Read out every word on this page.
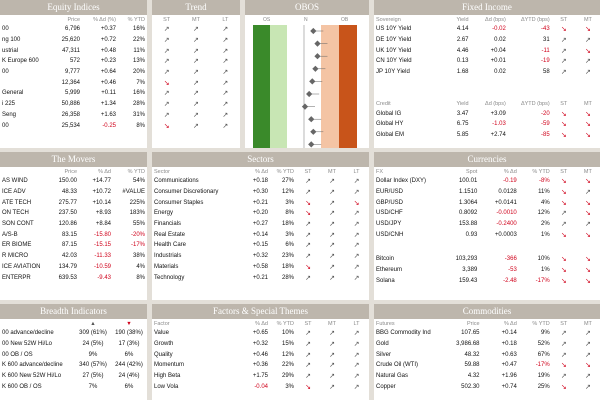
Equity Indices
	Price	% Δd (%)	% YTD
00	6,796	+0.37	16%
ng 100	25,620	+0.72	22%
ustrial	47,311	+0.48	11%
K Europe 600	572	+0.23	13%
00	9,777	+0.64	20%
	12,364	+0.46	7%
General	5,999	+0.11	16%
i 225	50,886	+1.34	28%
Seng	26,358	+1.63	31%
00	25,534	-0.25	8%
Trend
ST	MT	LT
↗	↗	↗
↗	↗	↗
↗	↗	↗
↗	↗	↗
↗	↗	↗
↘	↗	↗
↗	↗	↗
↗	↗	↗
↗	↗	↗
↘	↗	↗
OBOS
OS	N	OB
Fixed Income
Sovereign	Yield	Δd (bps)	ΔYTD (bps)	ST	MT
US 10Y Yield	4.14	-0.02	-43	↘	↘
DE 10Y Yield	2.67	0.02	31	↗	↗
UK 10Y Yield	4.46	+0.04	-11	↗	↘
CN 10Y Yield	0.13	+0.01	-19	↗	↗
JP 10Y Yield	1.68	0.02	58	↗	↗
Credit	Yield	Δd (bps)	ΔYTD (bps)	ST	MT
Global IG	3.47	+3.09	-20	↘	↘
Global HY	6.75	-1.03	-59	↘	↘
Global EM	5.85	+2.74	-85	↘	↘
The Movers
	Price	% Δd	% YTD
AS WIND	150.00	+14.77	54%
ICE ADV	48.33	+10.72	#VALUE
ATE TECH	275.77	+10.14	225%
ON TECH	237.50	+8.93	183%
SON CONT	120.86	+8.84	55%
A/S-B	83.15	-15.80	-20%
ER BIOME	87.15	-15.15	-17%
R MICRO	42.03	-11.33	38%
ICE AVIATION	134.79	-10.59	4%
ENTERPR	639.53	-9.43	8%
Sectors
Sector	% Δd	% YTD	ST	MT	LT
Communications	+0.18	27%	↗	↗	↗
Consumer Discretionary	+0.30	12%	↗	↗	↗
Consumer Staples	+0.21	3%	↘	↗	↘
Energy	+0.20	8%	↘	↗	↗
Financials	+0.27	18%	↗	↗	↗
Real Estate	+0.14	3%	↗	↗	↗
Health Care	+0.15	6%	↗	↗	↗
Industrials	+0.32	23%	↗	↗	↗
Materials	+0.58	18%	↘	↗	↗
Technology	+0.21	28%	↗	↗	↗
Currencies
FX	Spot	% Δd	% YTD	ST	MT
Dollar Index (DXY)	100.01	-0.19	-8%	↘	↘
EUR/USD	1.1510	0.0128	11%	↘	↗
GBP/USD	1.3064	+0.0141	4%	↘	↘
USD/CHF	0.8092	-0.0010	12%	↗	↘
USD/JPY	153.88	-0.2400	2%	↗	↗
USD/CNH	0.93	+0.0003	1%	↘	↘
Bitcoin	103,293	-366	10%	↘	↘
Ethereum	3,389	-53	1%	↘	↘
Solana	159.43	-2.48	-17%	↘	↘
Breadth Indicators
	▲	▼
00 advance/decline	309 (61%)	190 (38%)
00 New 52W Hi/Lo	24 (5%)	17 (3%)
00 OB / OS	9%	6%
K 600 advance/decline	340 (57%)	244 (42%)
K 600 New 52W Hi/Lo	27 (5%)	24 (4%)
K 600 OB / OS	7%	6%
Factors & Special Themes
Factor	% Δd	% YTD	ST	MT	LT
Value	+0.65	10%	↗	↗	↗
Growth	+0.32	15%	↗	↗	↗
Quality	+0.46	12%	↗	↗	↗
Momentum	+0.36	22%	↗	↗	↗
High Beta	+1.75	29%	↗	↗	↗
Low Vola	-0.04	3%	↘	↗	↗
Commodities
Futures	Price	% Δd	% YTD	ST	MT
BBG Commodity Ind	107.65	+0.14	9%	↗	↗
Gold	3,986.68	+0.18	52%	↗	↗
Silver	48.32	+0.63	67%	↗	↗
Crude Oil (WTI)	59.88	+0.47	-17%	↘	↘
Natural Gas	4.32	+1.96	19%	↗	↗
Copper	502.30	+0.74	25%	↘	↗
